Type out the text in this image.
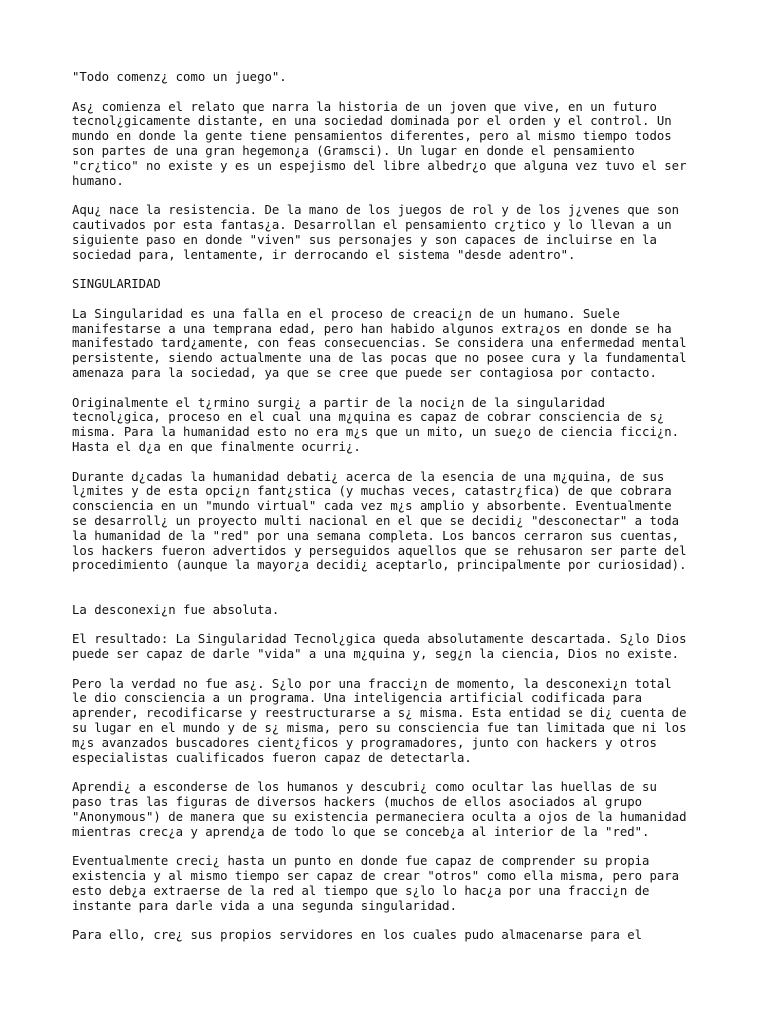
"Todo comenz¿ como un juego".

As¿ comienza el relato que narra la historia de un joven que vive, en un futuro
tecnol¿gicamente distante, en una sociedad dominada por el orden y el control. Un
mundo en donde la gente tiene pensamientos diferentes, pero al mismo tiempo todos
son partes de una gran hegemon¿a (Gramsci). Un lugar en donde el pensamiento
"cr¿tico" no existe y es un espejismo del libre albedr¿o que alguna vez tuvo el ser
humano.

Aqu¿ nace la resistencia. De la mano de los juegos de rol y de los j¿venes que son
cautivados por esta fantas¿a. Desarrollan el pensamiento cr¿tico y lo llevan a un
siguiente paso en donde "viven" sus personajes y son capaces de incluirse en la
sociedad para, lentamente, ir derrocando el sistema "desde adentro".

SINGULARIDAD

La Singularidad es una falla en el proceso de creaci¿n de un humano. Suele
manifestarse a una temprana edad, pero han habido algunos extra¿os en donde se ha
manifestado tard¿amente, con feas consecuencias. Se considera una enfermedad mental
persistente, siendo actualmente una de las pocas que no posee cura y la fundamental
amenaza para la sociedad, ya que se cree que puede ser contagiosa por contacto.

Originalmente el t¿rmino surgi¿ a partir de la noci¿n de la singularidad
tecnol¿gica, proceso en el cual una m¿quina es capaz de cobrar consciencia de s¿
misma. Para la humanidad esto no era m¿s que un mito, un sue¿o de ciencia ficci¿n.
Hasta el d¿a en que finalmente ocurri¿.

Durante d¿cadas la humanidad debati¿ acerca de la esencia de una m¿quina, de sus
l¿mites y de esta opci¿n fant¿stica (y muchas veces, catastr¿fica) de que cobrara
consciencia en un "mundo virtual" cada vez m¿s amplio y absorbente. Eventualmente
se desarroll¿ un proyecto multi nacional en el que se decidi¿ "desconectar" a toda
la humanidad de la "red" por una semana completa. Los bancos cerraron sus cuentas,
los hackers fueron advertidos y perseguidos aquellos que se rehusaron ser parte del
procedimiento (aunque la mayor¿a decidi¿ aceptarlo, principalmente por curiosidad).

La desconexi¿n fue absoluta.

El resultado: La Singularidad Tecnol¿gica queda absolutamente descartada. S¿lo Dios
puede ser capaz de darle "vida" a una m¿quina y, seg¿n la ciencia, Dios no existe.

Pero la verdad no fue as¿. S¿lo por una fracci¿n de momento, la desconexi¿n total
le dio consciencia a un programa. Una inteligencia artificial codificada para
aprender, recodificarse y reestructurarse a s¿ misma. Esta entidad se di¿ cuenta de
su lugar en el mundo y de s¿ misma, pero su consciencia fue tan limitada que ni los
m¿s avanzados buscadores cient¿ficos y programadores, junto con hackers y otros
especialistas cualificados fueron capaz de detectarla.

Aprendi¿ a esconderse de los humanos y descubri¿ como ocultar las huellas de su
paso tras las figuras de diversos hackers (muchos de ellos asociados al grupo
"Anonymous") de manera que su existencia permaneciera oculta a ojos de la humanidad
mientras crec¿a y aprend¿a de todo lo que se conceb¿a al interior de la "red".

Eventualmente creci¿ hasta un punto en donde fue capaz de comprender su propia
existencia y al mismo tiempo ser capaz de crear "otros" como ella misma, pero para
esto deb¿a extraerse de la red al tiempo que s¿lo lo hac¿a por una fracci¿n de
instante para darle vida a una segunda singularidad.

Para ello, cre¿ sus propios servidores en los cuales pudo almacenarse para el
